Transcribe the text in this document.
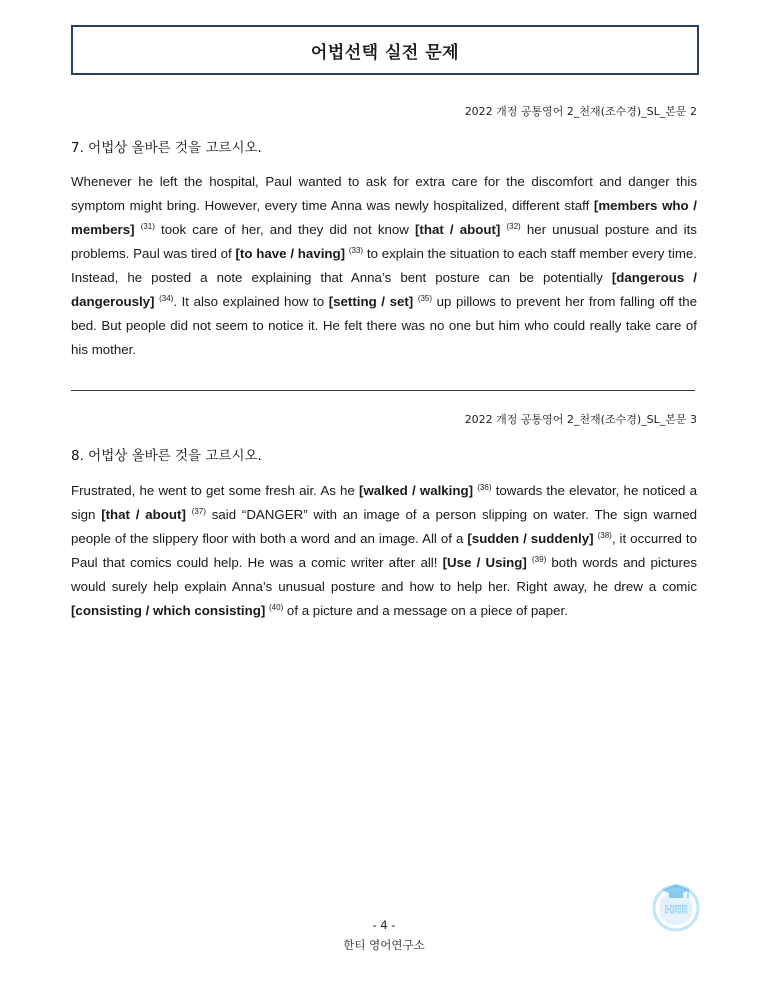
어법선택 실전 문제
2022 개정 공통영어 2_천재(조수경)_SL_본문 2
7. 어법상 올바른 것을 고르시오.
Whenever he left the hospital, Paul wanted to ask for extra care for the discomfort and danger this symptom might bring. However, every time Anna was newly hospitalized, different staff [members who / members] $^{(31)}$ took care of her, and they did not know [that / about] $^{(32)}$ her unusual posture and its problems. Paul was tired of [to have / having] $^{(33)}$ to explain the situation to each staff member every time. Instead, he posted a note explaining that Anna’s bent posture can be potentially [dangerous / dangerously] $^{(34)}$. It also explained how to [setting / set] $^{(35)}$ up pillows to prevent her from falling off the bed. But people did not seem to notice it. He felt there was no one but him who could really take care of his mother.
2022 개정 공통영어 2_천재(조수경)_SL_본문 3
8. 어법상 올바른 것을 고르시오.
Frustrated, he went to get some fresh air. As he [walked / walking] $^{(36)}$ towards the elevator, he noticed a sign [that / about] $^{(37)}$ said “DANGER” with an image of a person slipping on water. The sign warned people of the slippery floor with both a word and an image. All of a [sudden / suddenly] $^{(38)}$, it occurred to Paul that comics could help. He was a comic writer after all! [Use / Using] $^{(39)}$ both words and pictures would surely help explain Anna’s unusual posture and how to help her. Right away, he drew a comic [consisting / which consisting] $^{(40)}$ of a picture and a message on a piece of paper.
HEE
- 4 -
한티 영어연구소
